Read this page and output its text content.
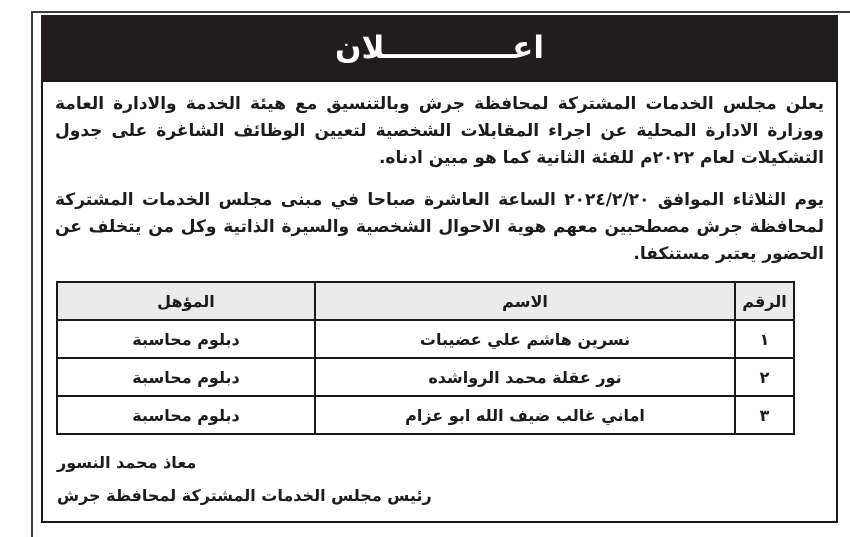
اعــــــــــــلان

يعلن مجلس الخدمات المشتركة لمحافظة جرش وبالتنسيق مع هيئة الخدمة والادارة العامة ووزارة الادارة المحلية عن اجراء المقابلات الشخصية لتعيين الوظائف الشاغرة على جدول التشكيلات لعام ٢٠٢٢م للفئة الثانية كما هو مبين ادناه.

يوم الثلاثاء الموافق ٢٠٢٤/٢/٢٠ الساعة العاشرة صباحا في مبنى مجلس الخدمات المشتركة لمحافظة جرش مصطحبين معهم هوية الاحوال الشخصية والسيرة الذاتية وكل من يتخلف عن الحضور يعتبر مستنكفا.

الرقم	الاسم	المؤهل
١	نسرين هاشم علي عضيبات	دبلوم محاسبة
٢	نور عقلة محمد الرواشده	دبلوم محاسبة
٣	اماني غالب ضيف الله ابو عزام	دبلوم محاسبة
معاذ محمد النسور
رئيس مجلس الخدمات المشتركة لمحافظة جرش
